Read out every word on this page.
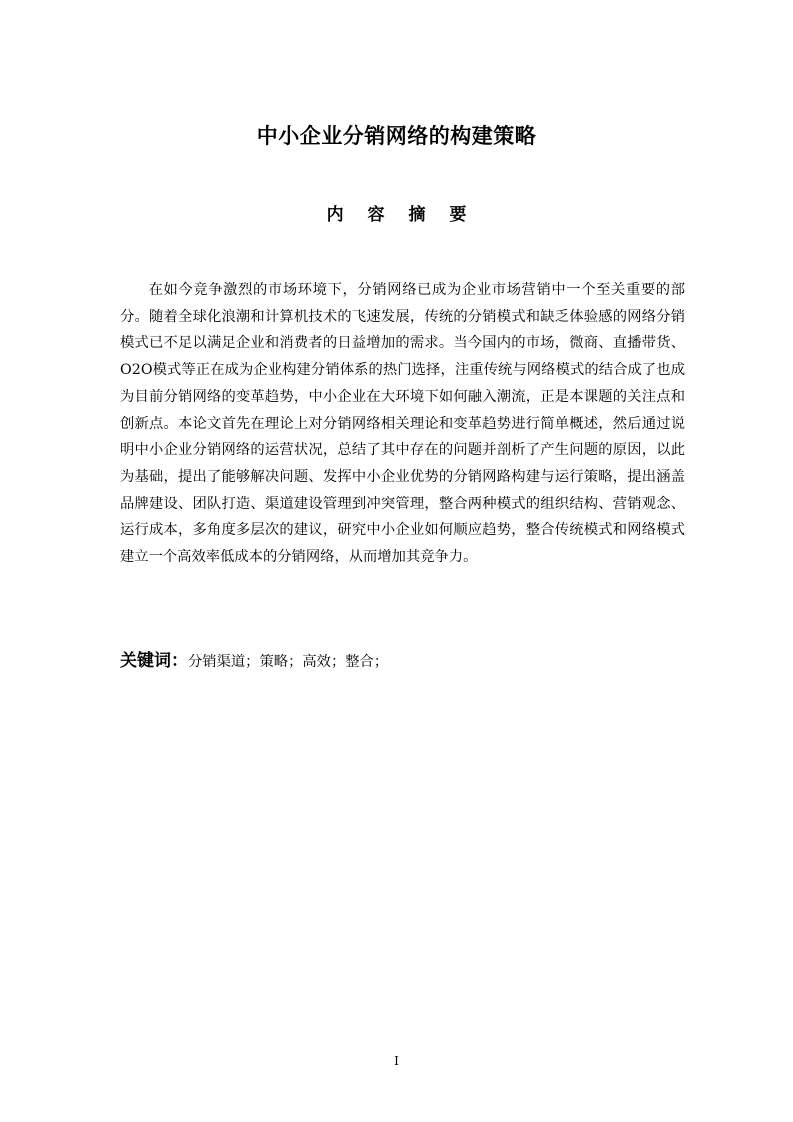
中小企业分销网络的构建策略
内 容 摘 要

在如今竞争激烈的市场环境下，分销网络已成为企业市场营销中一个至关重要的部分。随着全球化浪潮和计算机技术的飞速发展，传统的分销模式和缺乏体验感的网络分销模式已不足以满足企业和消费者的日益增加的需求。当今国内的市场，微商、直播带货、O2O模式等正在成为企业构建分销体系的热门选择，注重传统与网络模式的结合成了也成为目前分销网络的变革趋势，中小企业在大环境下如何融入潮流，正是本课题的关注点和创新点。本论文首先在理论上对分销网络相关理论和变革趋势进行简单概述，然后通过说明中小企业分销网络的运营状况，总结了其中存在的问题并剖析了产生问题的原因，以此为基础，提出了能够解决问题、发挥中小企业优势的分销网路构建与运行策略，提出涵盖品牌建设、团队打造、渠道建设管理到冲突管理，整合两种模式的组织结构、营销观念、运行成本，多角度多层次的建议，研究中小企业如何顺应趋势，整合传统模式和网络模式建立一个高效率低成本的分销网络，从而增加其竞争力。

关键词：分销渠道；策略；高效；整合；
I
